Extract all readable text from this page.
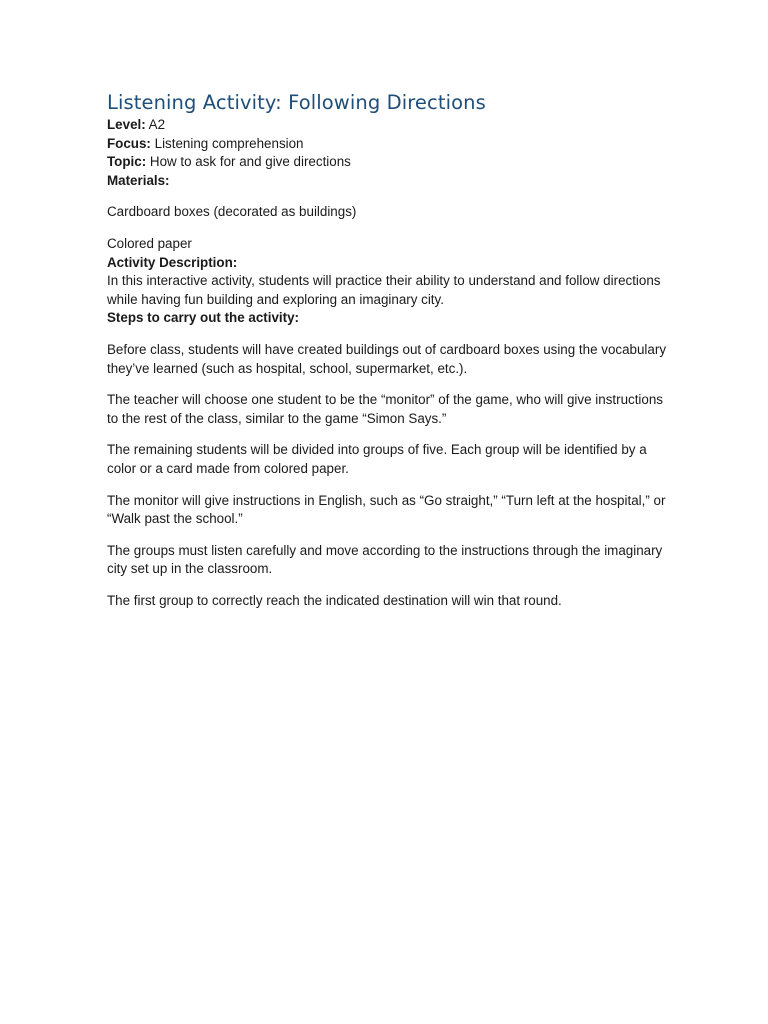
Listening Activity: Following Directions

Level: A2

Focus: Listening comprehension

Topic: How to ask for and give directions

Materials:

Cardboard boxes (decorated as buildings)

Colored paper

Activity Description:

In this interactive activity, students will practice their ability to understand and follow directions while having fun building and exploring an imaginary city.

Steps to carry out the activity:

Before class, students will have created buildings out of cardboard boxes using the vocabulary they’ve learned (such as hospital, school, supermarket, etc.).

The teacher will choose one student to be the “monitor” of the game, who will give instructions to the rest of the class, similar to the game “Simon Says.”

The remaining students will be divided into groups of five. Each group will be identified by a color or a card made from colored paper.

The monitor will give instructions in English, such as “Go straight,” “Turn left at the hospital,” or “Walk past the school.”

The groups must listen carefully and move according to the instructions through the imaginary city set up in the classroom.

The first group to correctly reach the indicated destination will win that round.
